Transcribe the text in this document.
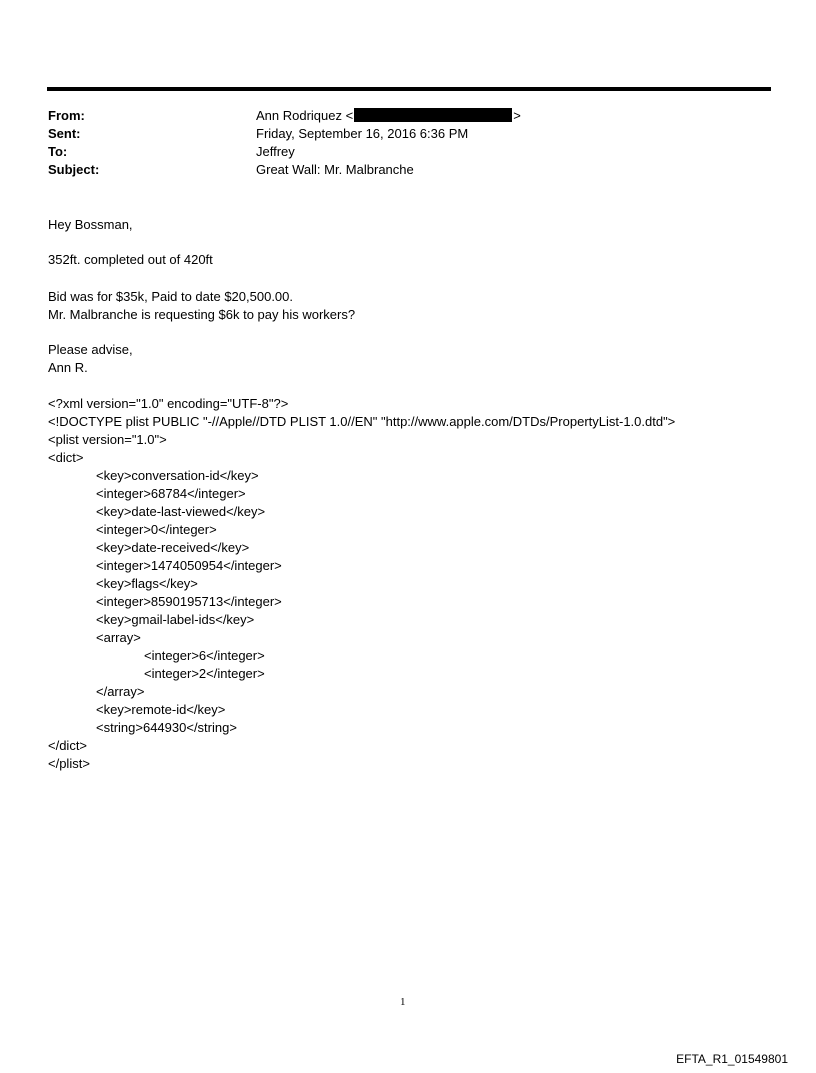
From:	Ann Rodriquez <	>
Sent:	Friday, September 16, 2016 6:36 PM
To:	Jeffrey
Subject:	Great Wall: Mr. Malbranche
Hey Bossman,
352ft. completed out of 420ft
Bid was for $35k, Paid to date $20,500.00.
Mr. Malbranche is requesting $6k to pay his workers?
Please advise,
Ann R.
<?xml version="1.0" encoding="UTF-8"?>
<!DOCTYPE plist PUBLIC "-//Apple//DTD PLIST 1.0//EN" "http://www.apple.com/DTDs/PropertyList-1.0.dtd">
<plist version="1.0">
<dict>
<key>conversation-id</key>
<integer>68784</integer>
<key>date-last-viewed</key>
<integer>0</integer>
<key>date-received</key>
<integer>1474050954</integer>
<key>flags</key>
<integer>8590195713</integer>
<key>gmail-label-ids</key>
<array>
<integer>6</integer>
<integer>2</integer>
</array>
<key>remote-id</key>
<string>644930</string>
</dict>
</plist>
1
EFTA_R1_01549801
